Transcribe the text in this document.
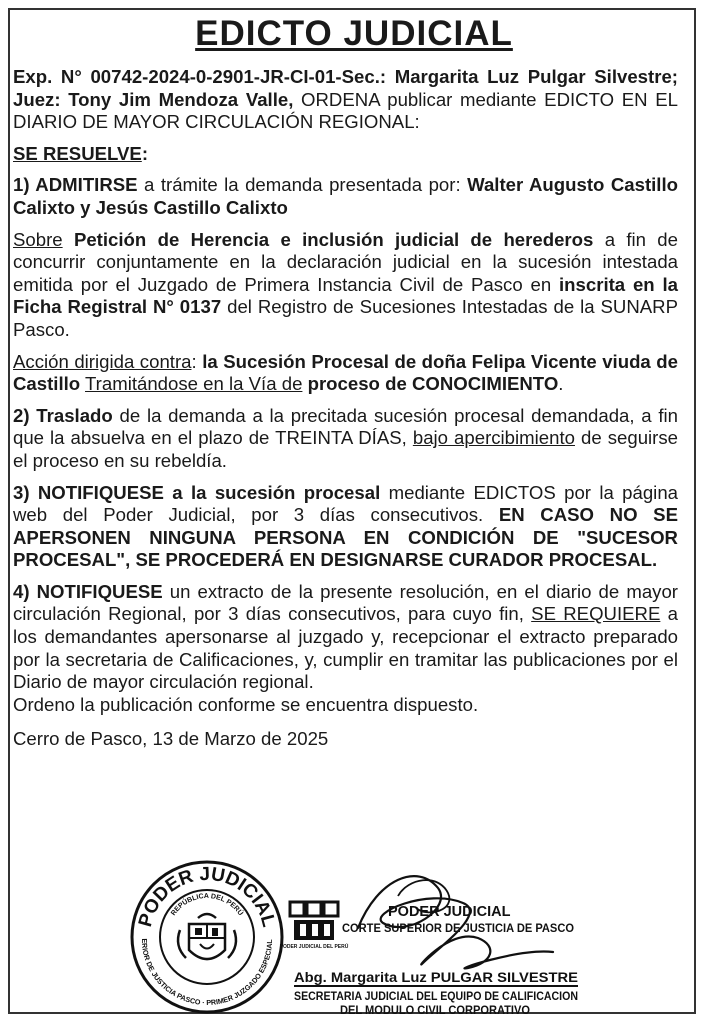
EDICTO JUDICIAL

Exp. N° 00742-2024-0-2901-JR-CI-01-Sec.: Margarita Luz Pulgar Silvestre; Juez: Tony Jim Mendoza Valle, ORDENA publicar mediante EDICTO EN EL DIARIO DE MAYOR CIRCULACIÓN REGIONAL:

SE RESUELVE:

1) ADMITIRSE a trámite la demanda presentada por: Walter Augusto Castillo Calixto y Jesús Castillo Calixto

Sobre Petición de Herencia e inclusión judicial de herederos a fin de concurrir conjuntamente en la declaración judicial en la sucesión intestada emitida por el Juzgado de Primera Instancia Civil de Pasco en inscrita en la Ficha Registral N° 0137 del Registro de Sucesiones Intestadas de la SUNARP Pasco.

Acción dirigida contra: la Sucesión Procesal de doña Felipa Vicente viuda de Castillo Tramitándose en la Vía de proceso de CONOCIMIENTO.

2) Traslado de la demanda a la precitada sucesión procesal demandada, a fin que la absuelva en el plazo de TREINTA DÍAS, bajo apercibimiento de seguirse el proceso en su rebeldía.

3) NOTIFIQUESE a la sucesión procesal mediante EDICTOS por la página web del Poder Judicial, por 3 días consecutivos. EN CASO NO SE APERSONEN NINGUNA PERSONA EN CONDICIÓN DE "SUCESOR PROCESAL", SE PROCEDERÁ EN DESIGNARSE CURADOR PROCESAL.

4) NOTIFIQUESE un extracto de la presente resolución, en el diario de mayor circulación Regional, por 3 días consecutivos, para cuyo fin, SE REQUIERE a los demandantes apersonarse al juzgado y, recepcionar el extracto preparado por la secretaria de Calificaciones, y, cumplir en tramitar las publicaciones por el Diario de mayor circulación regional.

Ordeno la publicación conforme se encuentra dispuesto.

Cerro de Pasco, 13 de Marzo de 2025

PODER JUDICIAL
REPÚBLICA DEL PERÚ
ERIOR DE JUSTICIA PASCO · PRIMER JUZGADO ESPECIAL
PODER JUDICIAL DEL PERÚ
PODER JUDICIAL
CORTE SUPERIOR DE JUSTICIA DE PASCO
Abg. Margarita Luz PULGAR SILVESTRE
SECRETARIA JUDICIAL DEL EQUIPO DE CALIFICACION
DEL MODULO CIVIL CORPORATIVO
